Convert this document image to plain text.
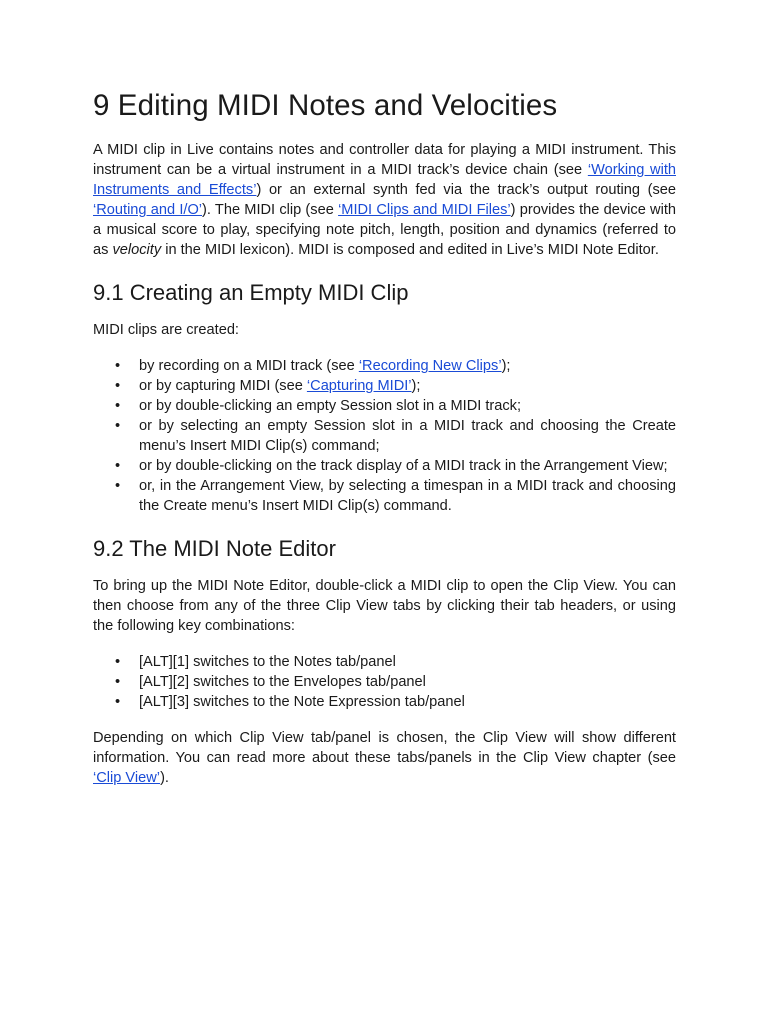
9 Editing MIDI Notes and Velocities

A MIDI clip in Live contains notes and controller data for playing a MIDI instrument. This instrument can be a virtual instrument in a MIDI track’s device chain (see ‘Working with Instruments and Effects’) or an external synth fed via the track’s output routing (see ‘Routing and I/O’). The MIDI clip (see ‘MIDI Clips and MIDI Files’) provides the device with a musical score to play, specifying note pitch, length, position and dynamics (referred to as velocity in the MIDI lexicon). MIDI is composed and edited in Live’s MIDI Note Editor.

9.1 Creating an Empty MIDI Clip

MIDI clips are created:

• by recording on a MIDI track (see ‘Recording New Clips’);
• or by capturing MIDI (see ‘Capturing MIDI’);
• or by double-clicking an empty Session slot in a MIDI track;
• or by selecting an empty Session slot in a MIDI track and choosing the Create menu’s Insert MIDI Clip(s) command;
• or by double-clicking on the track display of a MIDI track in the Arrangement View;
• or, in the Arrangement View, by selecting a timespan in a MIDI track and choosing the Create menu’s Insert MIDI Clip(s) command.
9.2 The MIDI Note Editor

To bring up the MIDI Note Editor, double-click a MIDI clip to open the Clip View. You can then choose from any of the three Clip View tabs by clicking their tab headers, or using the following key combinations:

• [ALT][1] switches to the Notes tab/panel
• [ALT][2] switches to the Envelopes tab/panel
• [ALT][3] switches to the Note Expression tab/panel

Depending on which Clip View tab/panel is chosen, the Clip View will show different information. You can read more about these tabs/panels in the Clip View chapter (see ‘Clip View’).
